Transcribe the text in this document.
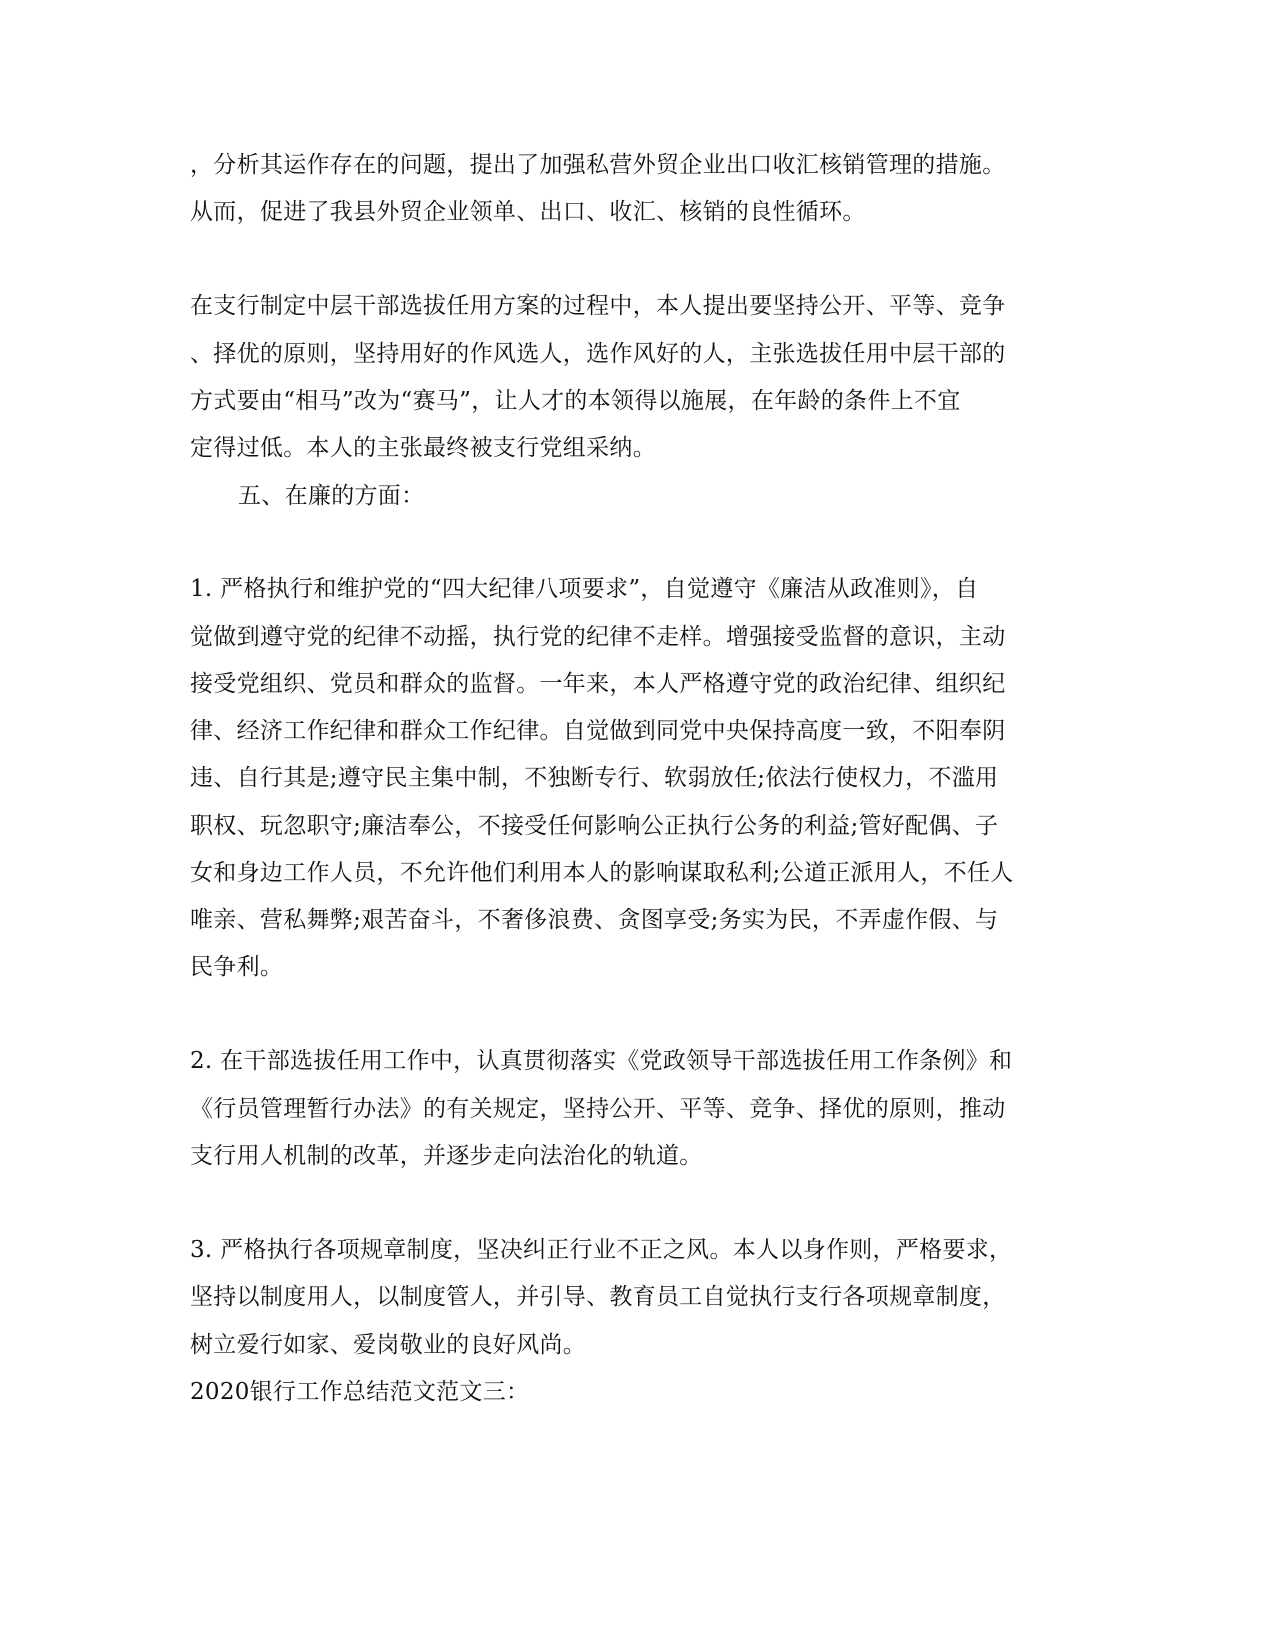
，分析其运作存在的问题，提出了加强私营外贸企业出口收汇核销管理的措施。
从而，促进了我县外贸企业领单、出口、收汇、核销的良性循环。
在支行制定中层干部选拔任用方案的过程中，本人提出要坚持公开、平等、竞争
、择优的原则，坚持用好的作风选人，选作风好的人，主张选拔任用中层干部的
方式要由“相马”改为“赛马”，让人才的本领得以施展，在年龄的条件上不宜
定得过低。本人的主张最终被支行党组采纳。
五、在廉的方面：
1. 严格执行和维护党的“四大纪律八项要求”，自觉遵守《廉洁从政准则》，自
觉做到遵守党的纪律不动摇，执行党的纪律不走样。增强接受监督的意识，主动
接受党组织、党员和群众的监督。一年来，本人严格遵守党的政治纪律、组织纪
律、经济工作纪律和群众工作纪律。自觉做到同党中央保持高度一致，不阳奉阴
违、自行其是;遵守民主集中制，不独断专行、软弱放任;依法行使权力，不滥用
职权、玩忽职守;廉洁奉公，不接受任何影响公正执行公务的利益;管好配偶、子
女和身边工作人员，不允许他们利用本人的影响谋取私利;公道正派用人，不任人
唯亲、营私舞弊;艰苦奋斗，不奢侈浪费、贪图享受;务实为民，不弄虚作假、与
民争利。
2. 在干部选拔任用工作中，认真贯彻落实《党政领导干部选拔任用工作条例》和
《行员管理暂行办法》的有关规定，坚持公开、平等、竞争、择优的原则，推动
支行用人机制的改革，并逐步走向法治化的轨道。
3. 严格执行各项规章制度，坚决纠正行业不正之风。本人以身作则，严格要求，
坚持以制度用人，以制度管人，并引导、教育员工自觉执行支行各项规章制度，
树立爱行如家、爱岗敬业的良好风尚。
2020银行工作总结范文范文三：
